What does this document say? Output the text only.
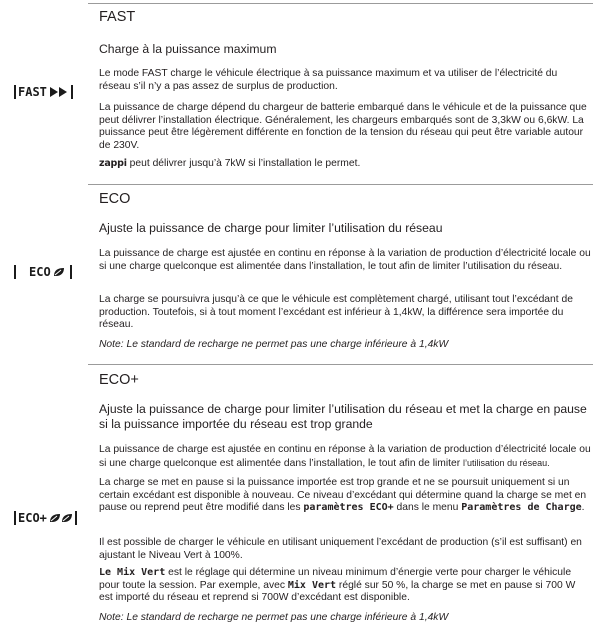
FAST
Charge à la puissance maximum

Le mode FAST charge le véhicule électrique à sa puissance maximum et va utiliser de l’électricité du réseau s’il n’y a pas assez de surplus de production.

La puissance de charge dépend du chargeur de batterie embarqué dans le véhicule et de la puissance que peut délivrer l’installation électrique. Généralement, les chargeurs embarqués sont de 3,3kW ou 6,6kW. La puissance peut être légèrement différente en fonction de la tension du réseau qui peut être variable autour de 230V.

zappi peut délivrer jusqu’à 7kW si l’installation le permet.

FAST
ECO
Ajuste la puissance de charge pour limiter l’utilisation du réseau

La puissance de charge est ajustée en continu en réponse à la variation de production d’électricité locale ou si une charge quelconque est alimentée dans l’installation, le tout afin de limiter l’utilisation du réseau.

La charge se poursuivra jusqu’à ce que le véhicule est complètement chargé, utilisant tout l’excédant de production. Toutefois, si à tout moment l’excédant est inférieur à 1,4kW, la différence sera importée du réseau.

Note: Le standard de recharge ne permet pas une charge inférieure à 1,4kW

ECO
ECO+
Ajuste la puissance de charge pour limiter l’utilisation du réseau et met la charge en pause si la puissance importée du réseau est trop grande

La puissance de charge est ajustée en continu en réponse à la variation de production d’électricité locale ou si une charge quelconque est alimentée dans l’installation, le tout afin de limiter l’utilisation du réseau.

La charge se met en pause si la puissance importée est trop grande et ne se poursuit uniquement si un certain excédant est disponible à nouveau. Ce niveau d’excédant qui détermine quand la charge se met en pause ou reprend peut être modifié dans les paramètres ECO+ dans le menu Paramètres de Charge.

Il est possible de charger le véhicule en utilisant uniquement l’excédant de production (s’il est suffisant) en ajustant le Niveau Vert à 100%.

Le Mix Vert est le réglage qui détermine un niveau minimum d’énergie verte pour charger le véhicule pour toute la session. Par exemple, avec Mix Vert réglé sur 50 %, la charge se met en pause si 700 W est importé du réseau et reprend si 700W d’excédant est disponible.

Note: Le standard de recharge ne permet pas une charge inférieure à 1,4kW

ECO+
